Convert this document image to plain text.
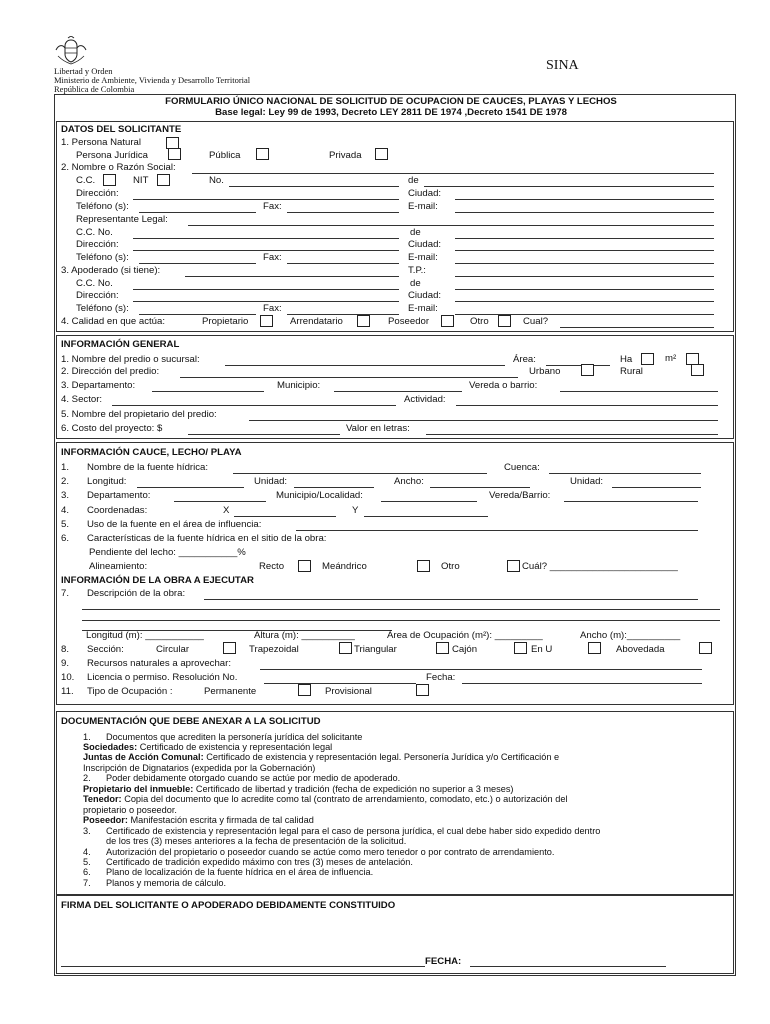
Libertad y Orden
Ministerio de Ambiente, Vivienda y Desarrollo Territorial
República de Colombia
SINA
FORMULARIO ÚNICO NACIONAL DE SOLICITUD DE OCUPACION DE CAUCES, PLAYAS Y LECHOS
Base legal: Ley 99 de 1993, Decreto LEY 2811 DE 1974 ,Decreto 1541 DE 1978
DATOS DEL SOLICITANTE
1. Persona Natural
Persona Jurídica	Pública	Privada
2. Nombre o Razón Social:
C.C.	NIT	No.	de
Dirección:	Ciudad:
Teléfono (s):	Fax:	E-mail:
Representante Legal:
C.C. No.	de
Dirección:	Ciudad:
Teléfono (s):	Fax:	E-mail:
3. Apoderado (si tiene):	T.P.:
C.C. No.	de
Dirección:	Ciudad:
Teléfono (s):	Fax:	E-mail:
4. Calidad en que actúa:	Propietario	Arrendatario	Poseedor	Otro	Cual?
INFORMACIÓN GENERAL
1. Nombre del predio o sucursal:	Área:	Ha	m²
2. Dirección del predio:	Urbano	Rural
3. Departamento:	Municipio:	Vereda o barrio:
4. Sector:	Actividad:
5. Nombre del propietario del predio:
6. Costo del proyecto: $	Valor en letras:
INFORMACIÓN CAUCE, LECHO/ PLAYA
1. Nombre de la fuente hídrica:	Cuenca:
2. Longitud:	Unidad:	Ancho:	Unidad:
3. Departamento:	Municipio/Localidad:	Vereda/Barrio:
4. Coordenadas:	X	Y
5. Uso de la fuente en el área de influencia:
6. Características de la fuente hídrica en el sitio de la obra:
Pendiente del lecho: ___________%
Alineamiento:	Recto	Meándrico	Otro	Cuál? ________________________
INFORMACIÓN DE LA OBRA A EJECUTAR
7. Descripción de la obra:
Longitud (m): ___________	Altura (m): __________	Área de Ocupación (m²): _________	Ancho (m):__________
8. Sección:	Circular	Trapezoidal	Triangular	Cajón	En U	Abovedada
9. Recursos naturales a aprovechar:
10. Licencia o permiso. Resolución No.	Fecha:
11. Tipo de Ocupación :	Permanente	Provisional
DOCUMENTACIÓN QUE DEBE ANEXAR A LA SOLICITUD
1. Documentos que acrediten la personería jurídica del solicitante
Sociedades: Certificado de existencia y representación legal
Juntas de Acción Comunal: Certificado de existencia y representación legal. Personería Jurídica y/o Certificación e
Inscripción de Dignatarios (expedida por la Gobernación)
2. Poder debidamente otorgado cuando se actúe por medio de apoderado.
Propietario del inmueble: Certificado de libertad y tradición (fecha de expedición no superior a 3 meses)
Tenedor: Copia del documento que lo acredite como tal (contrato de arrendamiento, comodato, etc.) o autorización del
propietario o poseedor.
Poseedor: Manifestación escrita y firmada de tal calidad
3. Certificado de existencia y representación legal para el caso de persona jurídica, el cual debe haber sido expedido dentro
de los tres (3) meses anteriores a la fecha de presentación de la solicitud.
4. Autorización del propietario o poseedor cuando se actúe como mero tenedor o por contrato de arrendamiento.
5. Certificado de tradición expedido máximo con tres (3) meses de antelación.
6. Plano de localización de la fuente hídrica en el área de influencia.
7. Planos y memoria de cálculo.
FIRMA DEL SOLICITANTE O APODERADO DEBIDAMENTE CONSTITUIDO
FECHA:
